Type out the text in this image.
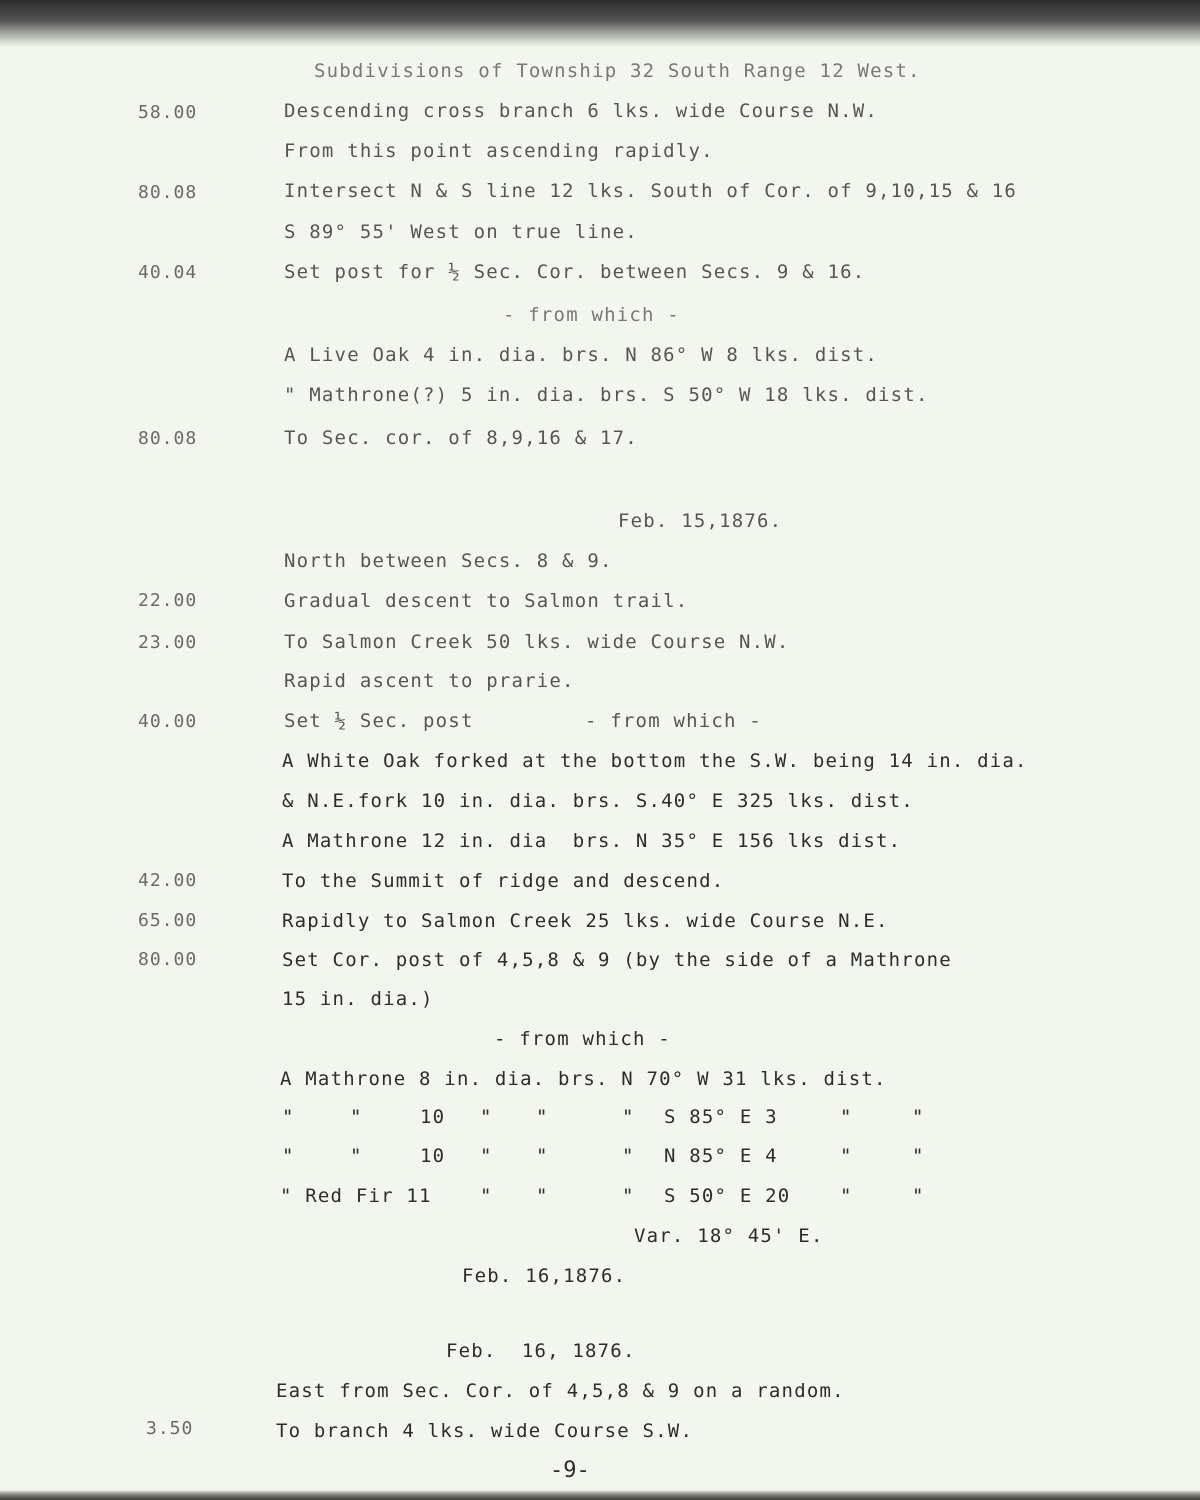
Subdivisions of Township 32 South Range 12 West.
58.00	Descending cross branch 6 lks. wide Course N.W.
From this point ascending rapidly.
80.08	Intersect N & S line 12 lks. South of Cor. of 9,10,15 & 16
S 89° 55' West on true line.
40.04	Set post for ½ Sec. Cor. between Secs. 9 & 16.
- from which -
A Live Oak 4 in. dia. brs. N 86° W 8 lks. dist.
" Mathrone(?) 5 in. dia. brs. S 50° W 18 lks. dist.
80.08	To Sec. cor. of 8,9,16 & 17.
Feb. 15,1876.
North between Secs. 8 & 9.
22.00	Gradual descent to Salmon trail.
23.00	To Salmon Creek 50 lks. wide Course N.W.
Rapid ascent to prarie.
40.00	Set ½ Sec. post	- from which -
A White Oak forked at the bottom the S.W. being 14 in. dia.
& N.E.fork 10 in. dia. brs. S.40° E 325 lks. dist.
A Mathrone 12 in. dia  brs. N 35° E 156 lks dist.
42.00	To the Summit of ridge and descend.
65.00	Rapidly to Salmon Creek 25 lks. wide Course N.E.
80.00	Set Cor. post of 4,5,8 & 9 (by the side of a Mathrone
15 in. dia.)
- from which -
A Mathrone 8 in. dia. brs. N 70° W 31 lks. dist.
"	"	10 " "	" S 85° E 3	"	"
"	"	10 " "	" N 85° E 4	"	"
" Red Fir 11	" "	" S 50° E 20	"	"
Var. 18° 45' E.
Feb. 16,1876.
Feb.  16, 1876.
East from Sec. Cor. of 4,5,8 & 9 on a random.
3.50	To branch 4 lks. wide Course S.W.
-9-
